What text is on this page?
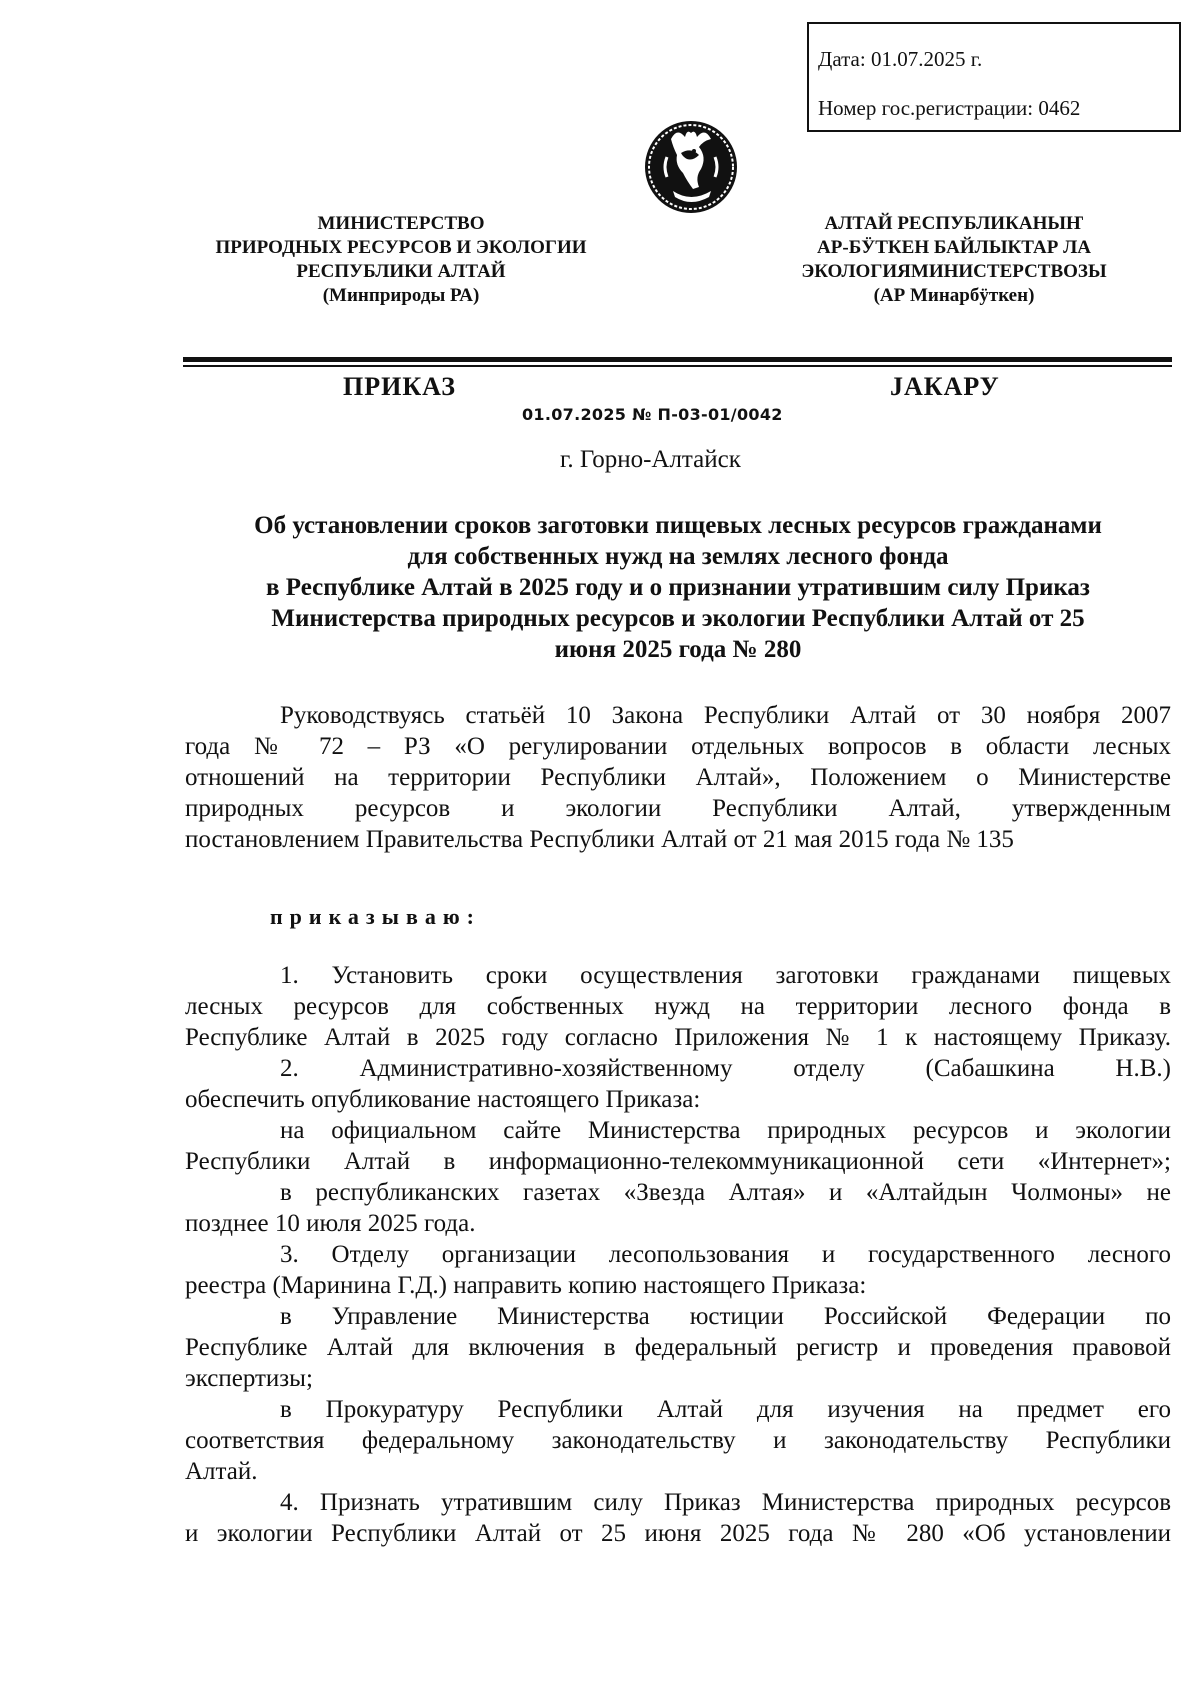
Дата: 01.07.2025 г.
Номер гос.регистрации: 0462
МИНИСТЕРСТВО
ПРИРОДНЫХ РЕСУРСОВ И ЭКОЛОГИИ
РЕСПУБЛИКИ АЛТАЙ
(Минприроды РА)
АЛТАЙ РЕСПУБЛИКАНЫҤ
АР-БӰТКЕН БАЙЛЫКТАР ЛА
ЭКОЛОГИЯМИНИСТЕРСТВОЗЫ
(АР Минарбӱткен)
ПРИКАЗ	JАКАРУ
01.07.2025 № П-03-01/0042
г. Горно-Алтайск
Об установлении сроков заготовки пищевых лесных ресурсов гражданами
для собственных нужд на землях лесного фонда
в Республике Алтай в 2025 году и о признании утратившим силу Приказ
Министерства природных ресурсов и экологии Республики Алтай от 25
июня 2025 года № 280
Руководствуясь статьёй 10 Закона Республики Алтай от 30 ноября 2007
года № 72 – РЗ «О регулировании отдельных вопросов в области лесных
отношений на территории Республики Алтай», Положением о Министерстве
природных ресурсов и экологии Республики Алтай, утвержденным
постановлением Правительства Республики Алтай от 21 мая 2015 года № 135
приказываю:
1. Установить сроки осуществления заготовки гражданами пищевых
лесных ресурсов для собственных нужд на территории лесного фонда в
Республике Алтай в 2025 году согласно Приложения № 1 к настоящему Приказу.
2. Административно-хозяйственному отделу (Сабашкина Н.В.)
обеспечить опубликование настоящего Приказа:
на официальном сайте Министерства природных ресурсов и экологии
Республики Алтай в информационно-телекоммуникационной сети «Интернет»;
в республиканских газетах «Звезда Алтая» и «Алтайдын Чолмоны» не
позднее 10 июля 2025 года.
3. Отделу организации лесопользования и государственного лесного
реестра (Маринина Г.Д.) направить копию настоящего Приказа:
в Управление Министерства юстиции Российской Федерации по
Республике Алтай для включения в федеральный регистр и проведения правовой
экспертизы;
в Прокуратуру Республики Алтай для изучения на предмет его
соответствия федеральному законодательству и законодательству Республики
Алтай.
4. Признать утратившим силу Приказ Министерства природных ресурсов
и экологии Республики Алтай от 25 июня 2025 года № 280 «Об установлении
